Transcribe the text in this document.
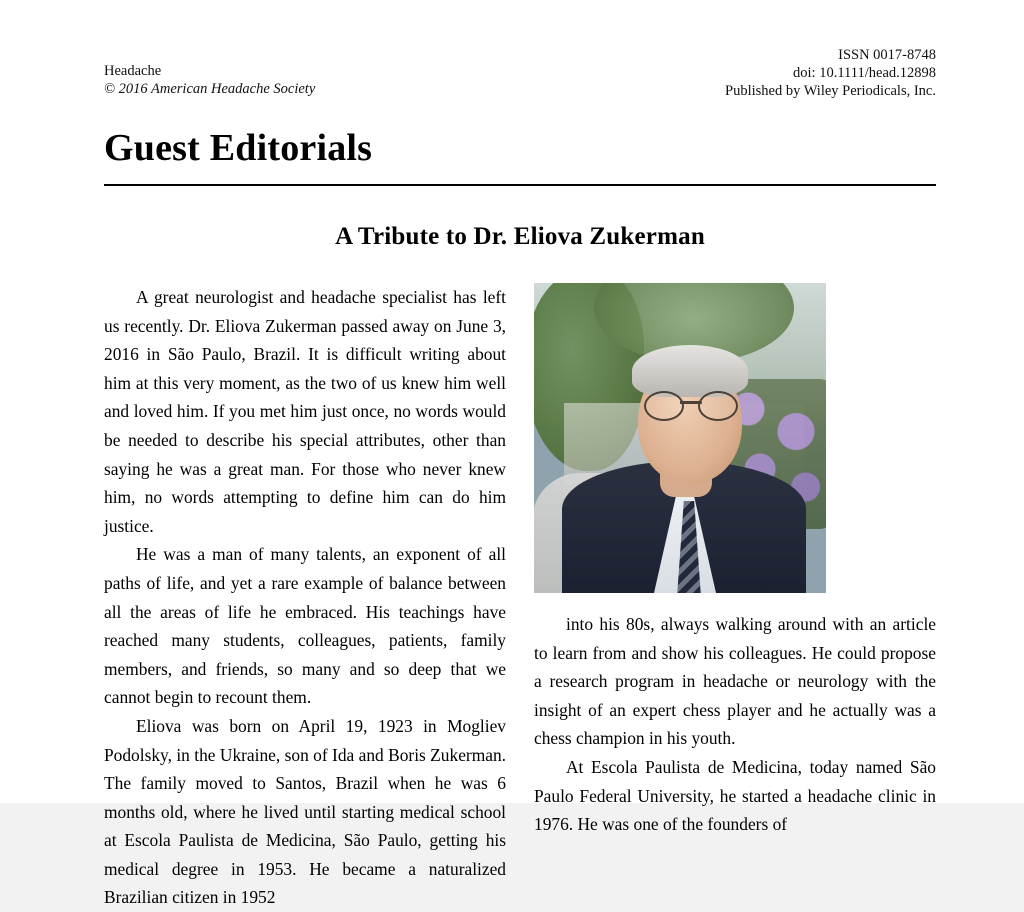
Headache
© 2016 American Headache Society
ISSN 0017-8748
doi: 10.1111/head.12898
Published by Wiley Periodicals, Inc.
Guest Editorials
A Tribute to Dr. Eliova Zukerman

A great neurologist and headache specialist has left us recently. Dr. Eliova Zukerman passed away on June 3, 2016 in São Paulo, Brazil. It is difficult writing about him at this very moment, as the two of us knew him well and loved him. If you met him just once, no words would be needed to describe his special attributes, other than saying he was a great man. For those who never knew him, no words attempting to define him can do him justice.

He was a man of many talents, an exponent of all paths of life, and yet a rare example of balance between all the areas of life he embraced. His teachings have reached many students, colleagues, patients, family members, and friends, so many and so deep that we cannot begin to recount them.

Eliova was born on April 19, 1923 in Mogliev Podolsky, in the Ukraine, son of Ida and Boris Zukerman. The family moved to Santos, Brazil when he was 6 months old, where he lived until starting medical school at Escola Paulista de Medicina, São Paulo, getting his medical degree in 1953. He became a naturalized Brazilian citizen in 1952

into his 80s, always walking around with an article to learn from and show his colleagues. He could propose a research program in headache or neurology with the insight of an expert chess player and he actually was a chess champion in his youth.

At Escola Paulista de Medicina, today named São Paulo Federal University, he started a headache clinic in 1976. He was one of the founders of
